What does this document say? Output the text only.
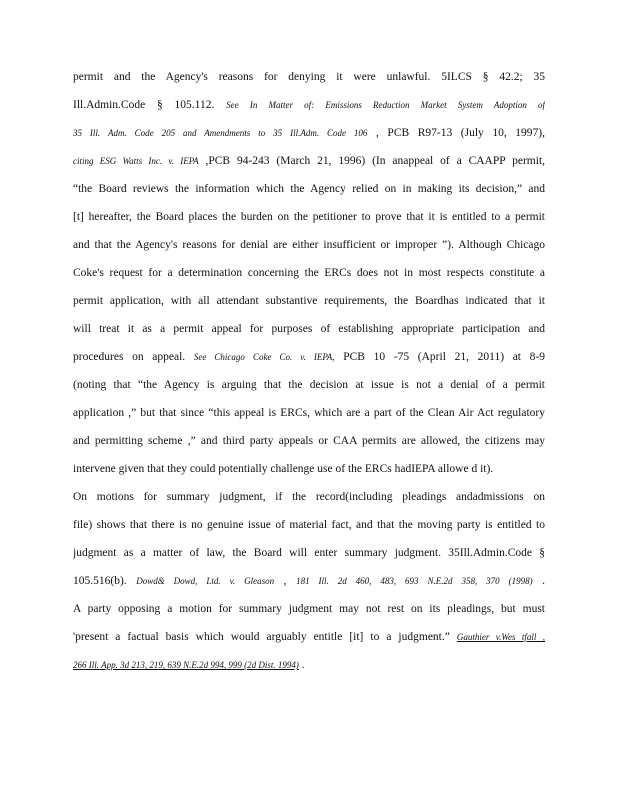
permit and the Agency's reasons for denying it were unlawful. 5ILCS § 42.2; 35
Ill.Admin.Code § 105.112. See In Matter of: Emissions Reduction Market System Adoption of
35 Ill. Adm. Code 205 and Amendments to 35 Ill.Adm. Code 106 , PCB R97-13 (July 10, 1997),
citing ESG Watts Inc. v. IEPA ,PCB 94-243 (March 21, 1996) (In anappeal of a CAAPP permit,
“the Board reviews the information which the Agency relied on in making its decision,” and
[t] hereafter, the Board places the burden on the petitioner to prove that it is entitled to a permit
and that the Agency's reasons for denial are either insufficient or improper ”). Although Chicago
Coke's request for a determination concerning the ERCs does not in most respects constitute a
permit application, with all attendant substantive requirements, the Boardhas indicated that it
will treat it as a permit appeal for purposes of establishing appropriate participation and
procedures on appeal. See Chicago Coke Co. v. IEPA, PCB 10 -75 (April 21, 2011) at 8-9
(noting that “the Agency is arguing that the decision at issue is not a denial of a permit
application ,” but that since “this appeal is ERCs, which are a part of the Clean Air Act regulatory
and permitting scheme ,” and third party appeals or CAA permits are allowed, the citizens may
intervene given that they could potentially challenge use of the ERCs hadIEPA allowe d it).
On motions for summary judgment, if the record(including pleadings andadmissions on
file) shows that there is no genuine issue of material fact, and that the moving party is entitled to
judgment as a matter of law, the Board will enter summary judgment. 35Ill.Admin.Code §
105.516(b). Dowd& Dowd, Ltd. v. Gleason , 181 Ill. 2d 460, 483, 693 N.E.2d 358, 370 (1998) .
A party opposing a motion for summary judgment may not rest on its pleadings, but must
'present a factual basis which would arguably entitle [it] to a judgment.” Gauthier v.Wes tfall ,
266 Ill. App. 3d 213, 219, 639 N.E.2d 994, 999 (2d Dist. 1994) .
